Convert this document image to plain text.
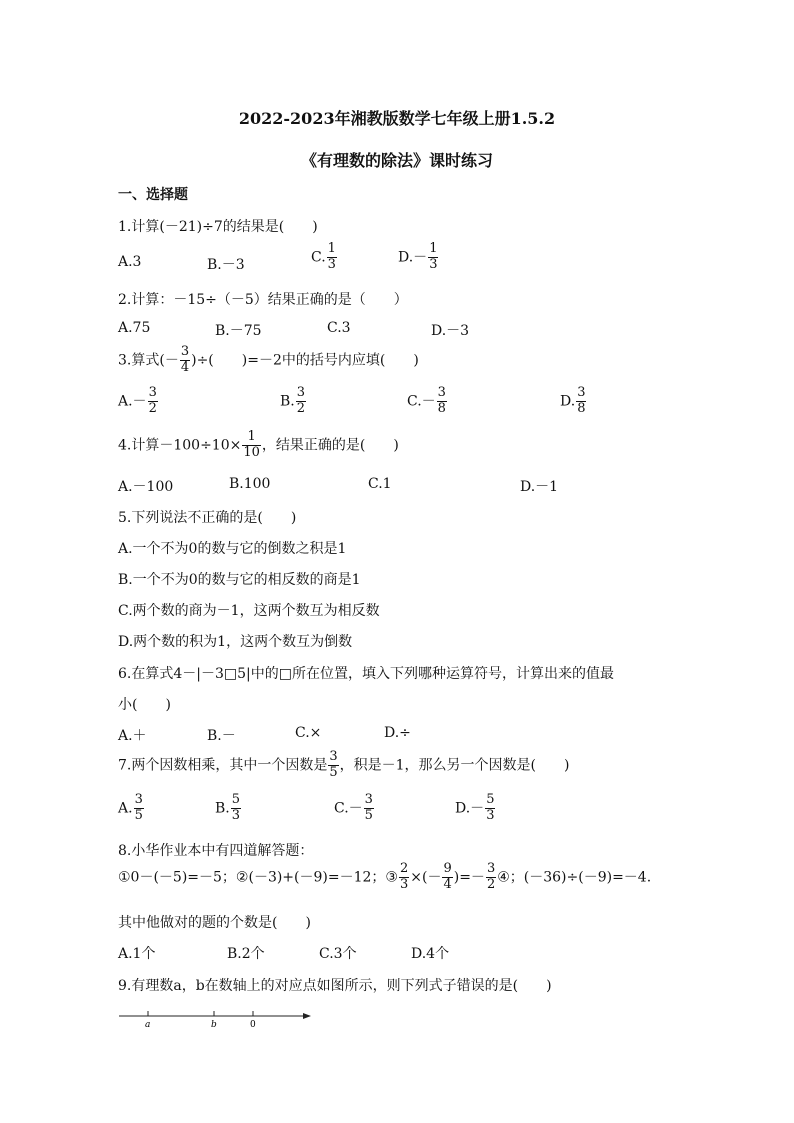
2022-2023年湘教版数学七年级上册1.5.2
《有理数的除法》课时练习
一、选择题
1.计算(－21)÷7的结果是(　　)
A.3	B.－3	C. $\frac{1}{3}$	$D.- \frac{1}{3}$
2.计算：－15÷（－5）结果正确的是（　　）
A.75	B.－75	C.3	D.－3
3.算式(－ $\frac{3}{4}$ )÷(　　)=－2中的括号内应填(　　)
$A.- \frac{3}{2}$	B. $\frac{3}{2}$	$C.- \frac{3}{8}$	D. $\frac{3}{8}$
4.计算$-100\div 10\times \frac{1}{10}$ ，结果正确的是(　　)
A.－100	B.100	C.1	D.－1
5.下列说法不正确的是(　　)
A.一个不为0的数与它的倒数之积是1
B.一个不为0的数与它的相反数的商是1
C.两个数的商为－1，这两个数互为相反数
D.两个数的积为1，这两个数互为倒数
6.在算式4－|－3□5|中的□所在位置，填入下列哪种运算符号，计算出来的值最
小(　　)
A.＋	B.－	C.×	D.÷
7.两个因数相乘，其中一个因数是 $\frac{3}{5}$ ，积是－1，那么另一个因数是(　　)
A. $\frac{3}{5}$	B. $\frac{5}{3}$	$C.- \frac{3}{5}$	$D.- \frac{5}{3}$
8.小华作业本中有四道解答题：
①0－(－5)=－5；②(－3)+(－9)=－12；③ $\frac{2}{3}$ ×(－ $\frac{9}{4}$ )=－ $\frac{3}{2}$ ④；(－36)÷(－9)=－4.
其中他做对的题的个数是(　　)
A.1个	B.2个	C.3个	D.4个
9.有理数a，b在数轴上的对应点如图所示，则下列式子错误的是(　　)
a	b	0
